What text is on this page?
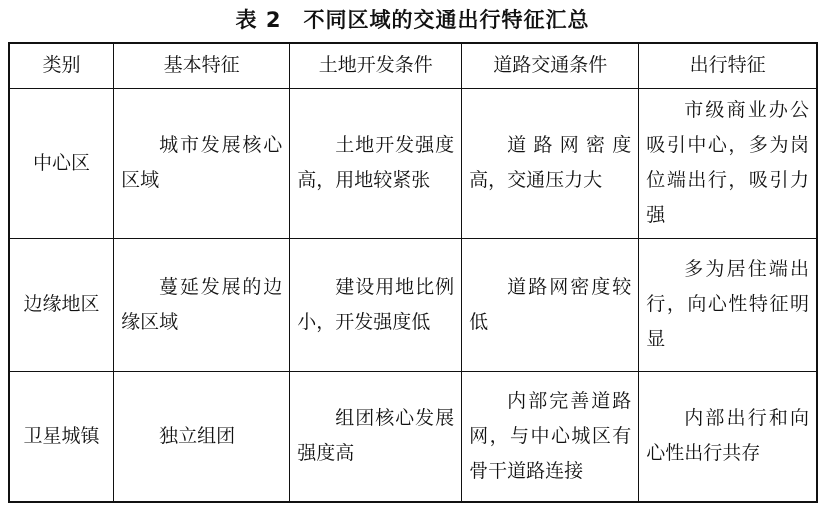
表 2　不同区域的交通出行特征汇总
类别	基本特征	土地开发条件	道路交通条件	出行特征
中心区	城市发展核心区域	土地开发强度高，用地较紧张	道路网密度高，交通压力大	市级商业办公吸引中心，多为岗位端出行，吸引力强
边缘地区	蔓延发展的边缘区域	建设用地比例小，开发强度低	道路网密度较低	多为居住端出行，向心性特征明显
卫星城镇	独立组团	组团核心发展强度高	内部完善道路网，与中心城区有骨干道路连接	内部出行和向心性出行共存
